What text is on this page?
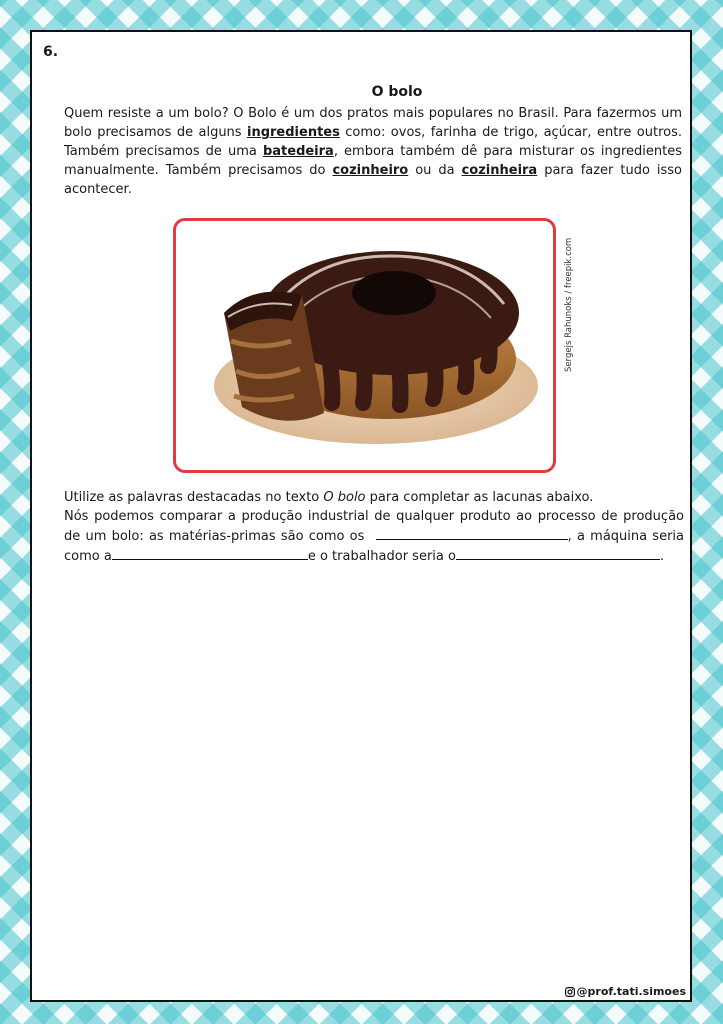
6.
O bolo
Quem resiste a um bolo? O Bolo é um dos pratos mais populares no Brasil. Para fazermos um bolo precisamos de alguns ingredientes como: ovos, farinha de trigo, açúcar, entre outros. Também precisamos de uma batedeira, embora também dê para misturar os ingredientes manualmente. Também precisamos do cozinheiro ou da cozinheira para fazer tudo isso acontecer.
Sergejs Rahunoks / freepik.com

Utilize as palavras destacadas no texto O bolo para completar as lacunas abaixo.

Nós podemos comparar a produção industrial de qualquer produto ao processo de produção de um bolo: as matérias-primas são como os	, a máquina seria como a	e o trabalhador seria o	.

@prof.tati.simoes
